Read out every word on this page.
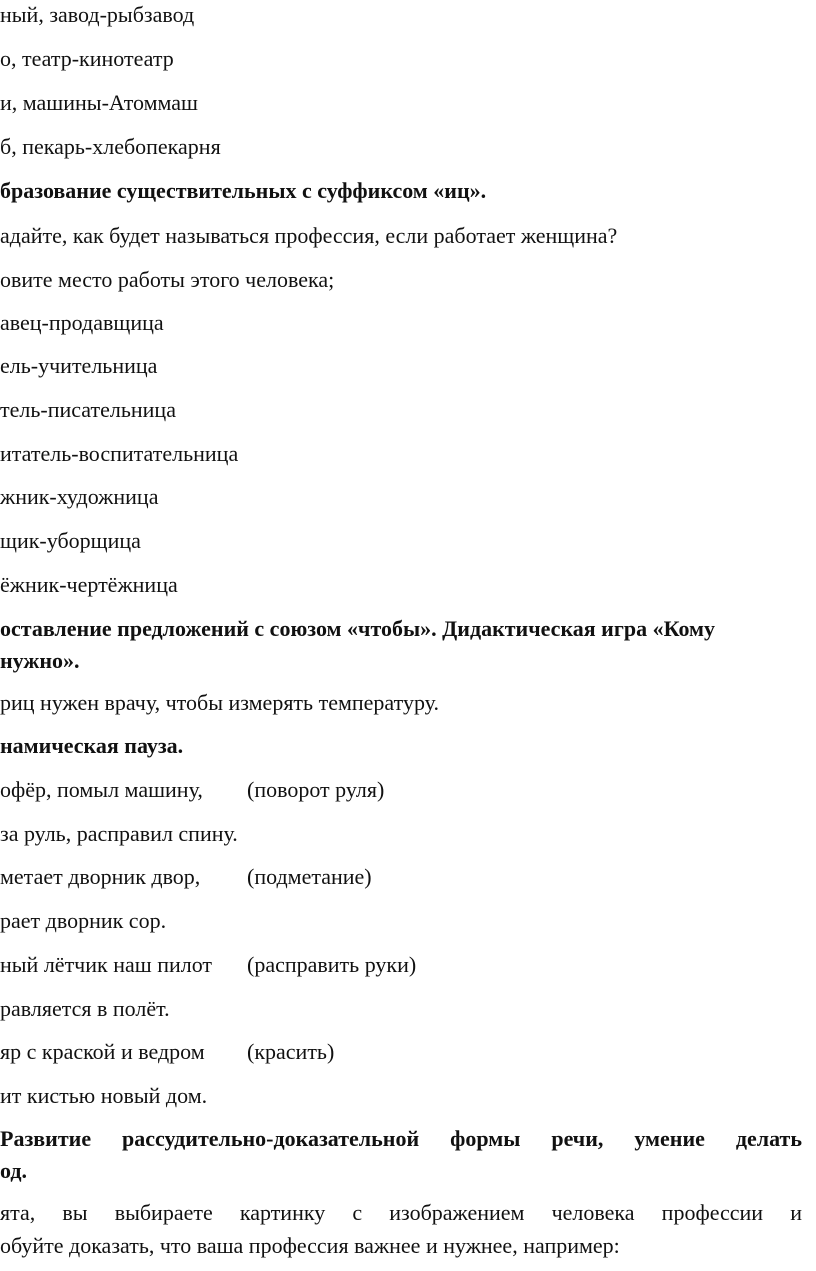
ный, завод-рыбзавод
о, театр-кинотеатр
и, машины-Атоммаш
б, пекарь-хлебопекарня
бразование существительных с суффиксом «иц».
адайте, как будет называться профессия, если работает женщина?
овите место работы этого человека;
авец-продавщица
ель-учительница
тель-писательница
итатель-воспитательница
жник-художница
щик-уборщица
ёжник-чертёжница
оставление предложений с союзом «чтобы». Дидактическая игра «Кому
нужно».
риц нужен врачу, чтобы измерять температуру.
намическая пауза.
офёр, помыл машину, (поворот руля)
за руль, расправил спину.
метает дворник двор, (подметание)
рает дворник сор.
ный лётчик наш пилот (расправить руки)
равляется в полёт.
яр с краской и ведром (красить)
ит кистью новый дом.
Развитие рассудительно-доказательной формы речи, умение делать
од.
ята, вы выбираете картинку с изображением человека профессии и
обуйте доказать, что ваша профессия важнее и нужнее, например:
